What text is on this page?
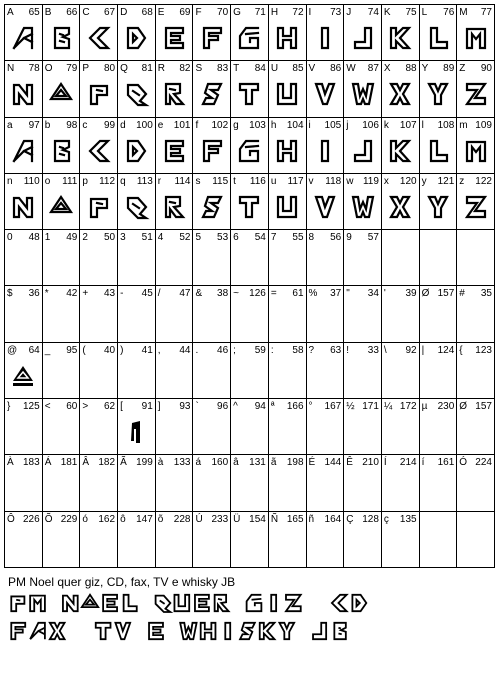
A 65 B 66 C 67 D 68 E 69 F 70 G 71 H 72 I 73 J 74 K 75 L 76 M 77
N 78 O 79 P 80 Q 81 R 82 S 83 T 84 U 85 V 86 W 87 X 88 Y 89 Z 90
a 97 b 98 c 99 d 100 e 101 f 102 g 103 h 104 i 105 j 106 k 107 l 108 m 109
n 110 o 111 p 112 q 113 r 114 s 115 t 116 u 117 v 118 w 119 x 120 y 121 z 122
0 48 1 49 2 50 3 51 4 52 5 53 6 54 7 55 8 56 9 57
$ 36 * 42 + 43 - 45 / 47 & 38 ~ 126 = 61 % 37 " 34 ' 39 Ø 157 # 35
@ 64 _ 95 ( 40 ) 41 , 44 . 46 ; 59 : 58 ? 63 ! 33 \ 92 | 124 { 123
} 125 < 60 > 62 [ 91 ] 93 ` 96 ^ 94 ª 166 ° 167 ½ 171 ¼ 172 µ 230 Ø 157
À 183 Á 181 Â 182 Ã 199 à 133 á 160 â 131 ã 198 É 144 Ê 210 Í 214 í 161 Ó 224
Ô 226 Õ 229 ó 162 ô 147 õ 228 Ú 233 Ü 154 Ñ 165 ñ 164 Ç 128 ç 135
PM Noel quer giz, CD, fax, TV e whisky JB
